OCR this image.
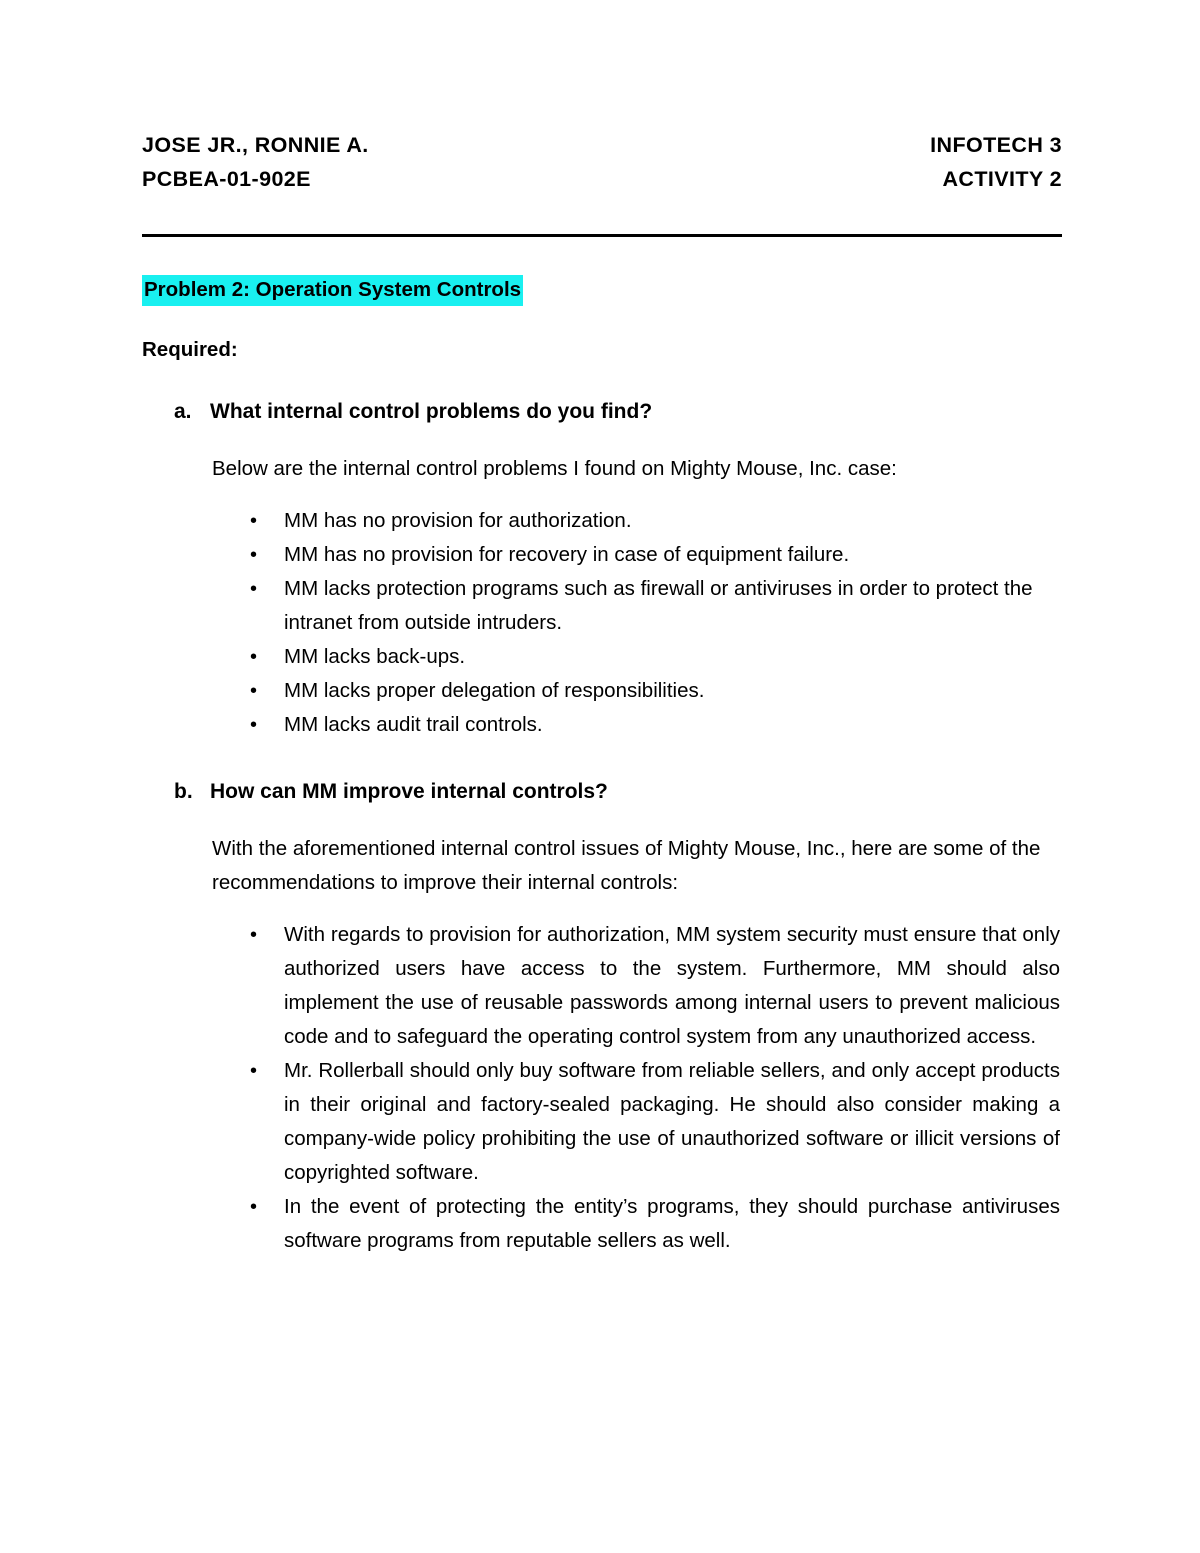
JOSE JR., RONNIE A.
PCBEA-01-902E
INFOTECH 3
ACTIVITY 2
Problem 2: Operation System Controls
Required:
a. What internal control problems do you find?
Below are the internal control problems I found on Mighty Mouse, Inc. case:
• MM has no provision for authorization.
• MM has no provision for recovery in case of equipment failure.
• MM lacks protection programs such as firewall or antiviruses in order to protect the intranet from outside intruders.
• MM lacks back-ups.
• MM lacks proper delegation of responsibilities.
• MM lacks audit trail controls.
b. How can MM improve internal controls?
With the aforementioned internal control issues of Mighty Mouse, Inc., here are some of the recommendations to improve their internal controls:
• With regards to provision for authorization, MM system security must ensure that only authorized users have access to the system. Furthermore, MM should also implement the use of reusable passwords among internal users to prevent malicious code and to safeguard the operating control system from any unauthorized access.
• Mr. Rollerball should only buy software from reliable sellers, and only accept products in their original and factory-sealed packaging. He should also consider making a company-wide policy prohibiting the use of unauthorized software or illicit versions of copyrighted software.
• In the event of protecting the entity’s programs, they should purchase antiviruses software programs from reputable sellers as well.
